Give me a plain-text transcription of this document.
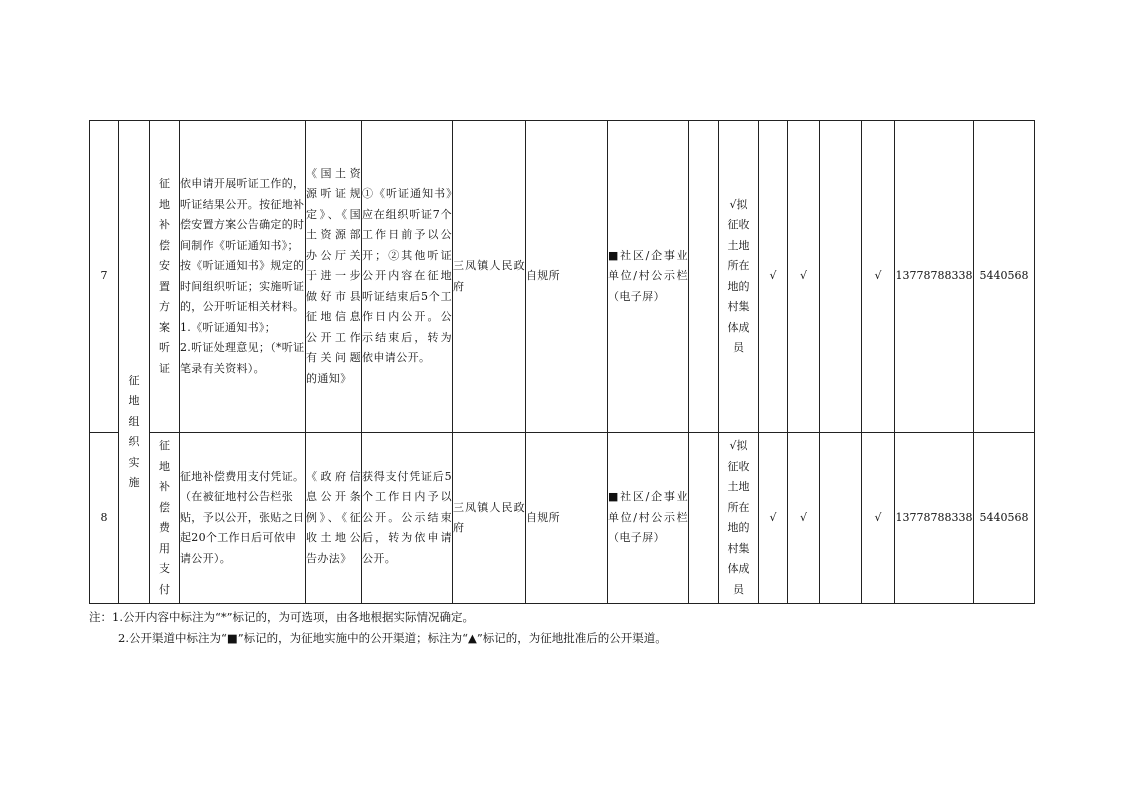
7	征地组织实施	征地补偿安置方案听证	依申请开展听证工作的，听证结果公开。按征地补偿安置方案公告确定的时间制作《听证通知书》；按《听证通知书》规定的时间组织听证；实施听证的，公开听证相关材料。
1.《听证通知书》；
2.听证处理意见；（*听证笔录有关资料）。	《国土资源听证规定》、《国土资源部办公厅关于进一步做好市县征地信息公开工作有关问题的通知》	①《听证通知书》应在组织听证7个工作日前予以公开；②其他听证公开内容在征地听证结束后5个工作日内公开。公示结束后，转为依申请公开。	三凤镇人民政府	自规所	■社区/企事业单位/村公示栏（电子屏）		√拟征收土地所在地的村集体成员	√	√		√	13778788338	5440568
8		征地补偿费用支付	征地补偿费用支付凭证。
（在被征地村公告栏张贴，予以公开，张贴之日起20个工作日后可依申请公开）。	《政府信息公开条例》、《征收土地公告办法》	获得支付凭证后5个工作日内予以公开。公示结束后，转为依申请公开。	三凤镇人民政府	自规所	■社区/企事业单位/村公示栏（电子屏）		√拟征收土地所在地的村集体成员	√	√		√	13778788338	5440568
注：1.公开内容中标注为“*”标记的，为可选项，由各地根据实际情况确定。
2.公开渠道中标注为“■”标记的，为征地实施中的公开渠道；标注为“▲”标记的，为征地批准后的公开渠道。
